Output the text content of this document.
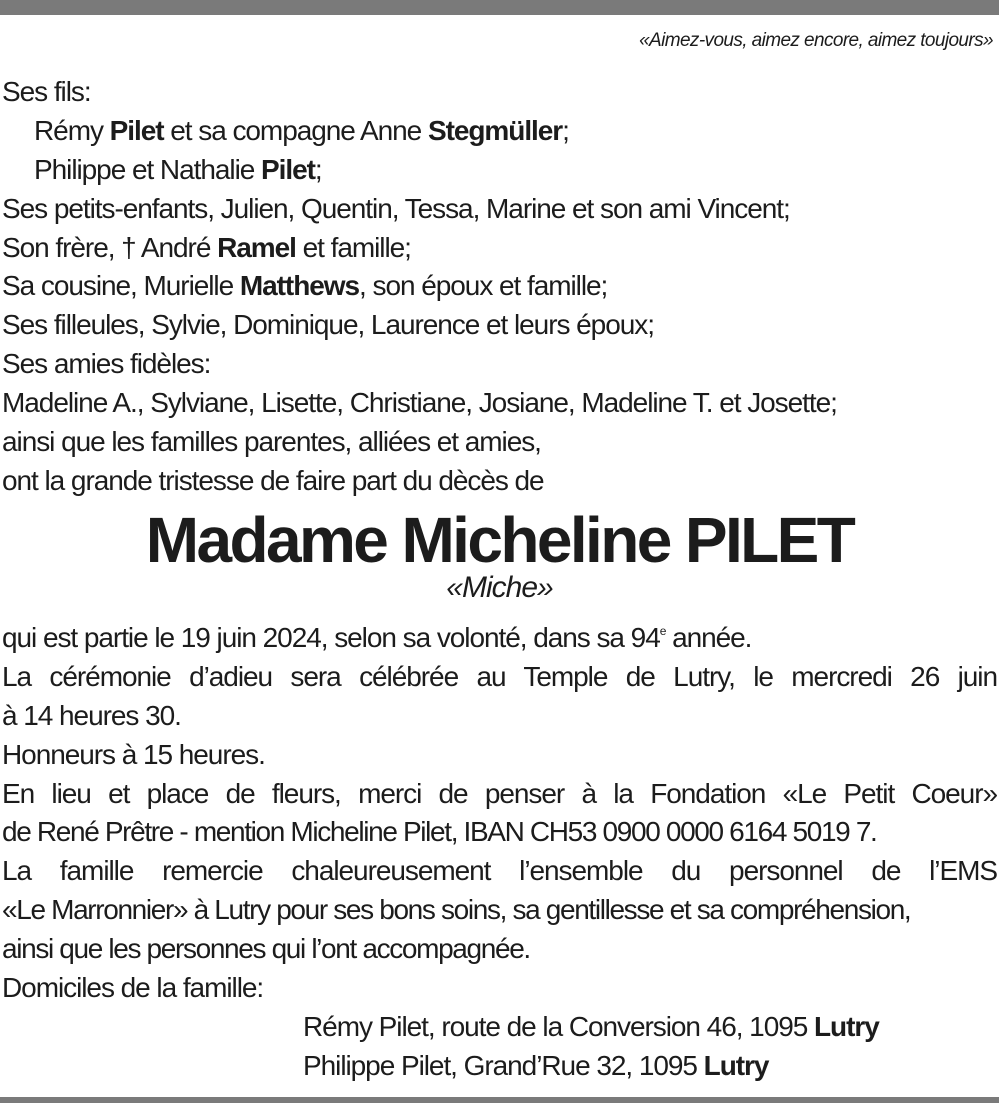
«Aimez-vous, aimez encore, aimez toujours»
Ses fils:
Rémy Pilet et sa compagne Anne Stegmüller;
Philippe et Nathalie Pilet;
Ses petits-enfants, Julien, Quentin, Tessa, Marine et son ami Vincent;
Son frère, † André Ramel et famille;
Sa cousine, Murielle Matthews, son époux et famille;
Ses filleules, Sylvie, Dominique, Laurence et leurs époux;
Ses amies fidèles:
Madeline A., Sylviane, Lisette, Christiane, Josiane, Madeline T. et Josette;
ainsi que les familles parentes, alliées et amies,
ont la grande tristesse de faire part du dècès de
Madame Micheline PILET
«Miche»
qui est partie le 19 juin 2024, selon sa volonté, dans sa 94e année.
La cérémonie d’adieu sera célébrée au Temple de Lutry, le mercredi 26 juin
à 14 heures 30.
Honneurs à 15 heures.
En lieu et place de fleurs, merci de penser à la Fondation «Le Petit Coeur»
de René Prêtre - mention Micheline Pilet, IBAN CH53 0900 0000 6164 5019 7.
La famille remercie chaleureusement l’ensemble du personnel de l’EMS
«Le Marronnier» à Lutry pour ses bons soins, sa gentillesse et sa compréhension,
ainsi que les personnes qui l’ont accompagnée.
Domiciles de la famille:
Rémy Pilet, route de la Conversion 46, 1095 Lutry
Philippe Pilet, Grand’Rue 32, 1095 Lutry
